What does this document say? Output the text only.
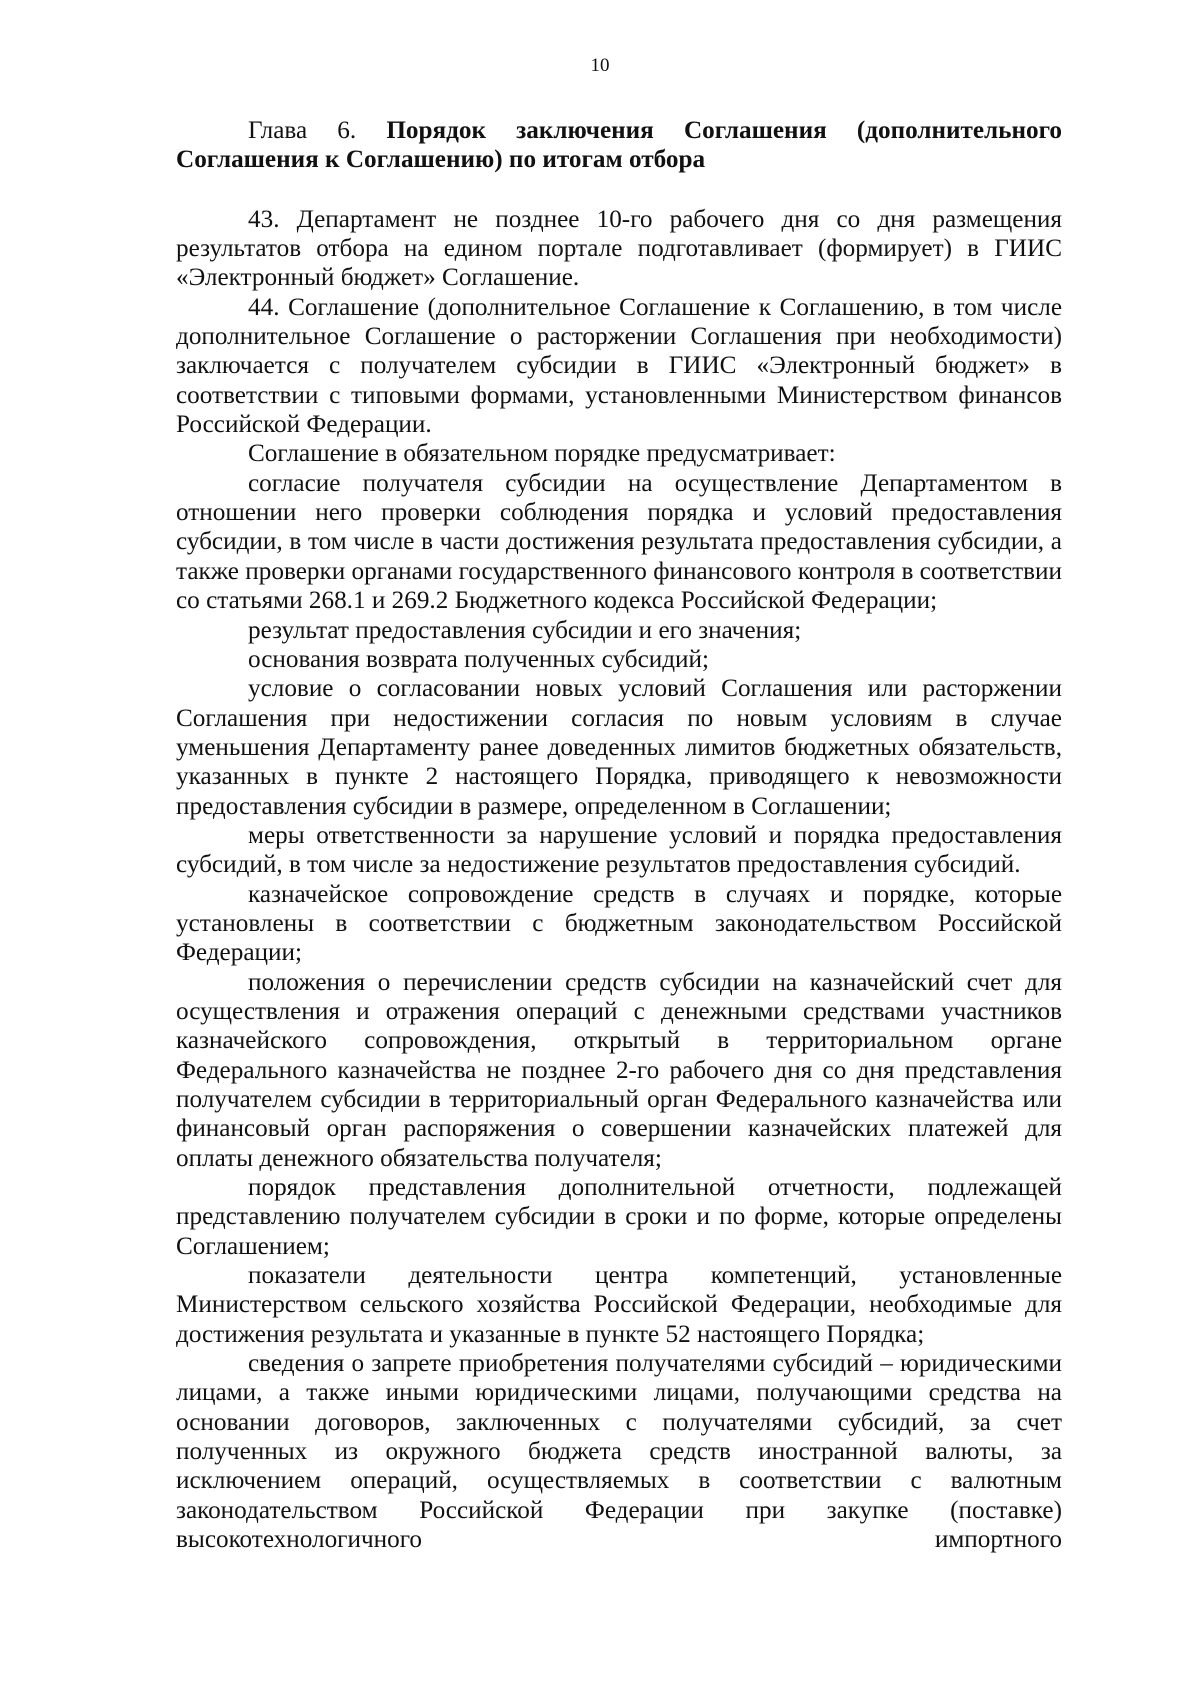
10

Глава 6. Порядок заключения Соглашения (дополнительного Соглашения к Соглашению) по итогам отбора

43. Департамент не позднее 10-го рабочего дня со дня размещения результатов отбора на едином портале подготавливает (формирует) в ГИИС «Электронный бюджет» Соглашение.

44. Соглашение (дополнительное Соглашение к Соглашению, в том числе дополнительное Соглашение о расторжении Соглашения при необходимости) заключается с получателем субсидии в ГИИС «Электронный бюджет» в соответствии с типовыми формами, установленными Министерством финансов Российской Федерации.

Соглашение в обязательном порядке предусматривает:

согласие получателя субсидии на осуществление Департаментом в отношении него проверки соблюдения порядка и условий предоставления субсидии, в том числе в части достижения результата предоставления субсидии, а также проверки органами государственного финансового контроля в соответствии со статьями 268.1 и 269.2 Бюджетного кодекса Российской Федерации;

результат предоставления субсидии и его значения;

основания возврата полученных субсидий;

условие о согласовании новых условий Соглашения или расторжении Соглашения при недостижении согласия по новым условиям в случае уменьшения Департаменту ранее доведенных лимитов бюджетных обязательств, указанных в пункте 2 настоящего Порядка, приводящего к невозможности предоставления субсидии в размере, определенном в Соглашении;

меры ответственности за нарушение условий и порядка предоставления субсидий, в том числе за недостижение результатов предоставления субсидий.

казначейское сопровождение средств в случаях и порядке, которые установлены в соответствии с бюджетным законодательством Российской Федерации;

положения о перечислении средств субсидии на казначейский счет для осуществления и отражения операций с денежными средствами участников казначейского сопровождения, открытый в территориальном органе Федерального казначейства не позднее 2-го рабочего дня со дня представления получателем субсидии в территориальный орган Федерального казначейства или финансовый орган распоряжения о совершении казначейских платежей для оплаты денежного обязательства получателя;

порядок представления дополнительной отчетности, подлежащей представлению получателем субсидии в сроки и по форме, которые определены Соглашением;

показатели деятельности центра компетенций, установленные Министерством сельского хозяйства Российской Федерации, необходимые для достижения результата и указанные в пункте 52 настоящего Порядка;

сведения о запрете приобретения получателями субсидий – юридическими лицами, а также иными юридическими лицами, получающими средства на основании договоров, заключенных с получателями субсидий, за счет полученных из окружного бюджета средств иностранной валюты, за исключением операций, осуществляемых в соответствии с валютным законодательством Российской Федерации при закупке (поставке) высокотехнологичного импортного
